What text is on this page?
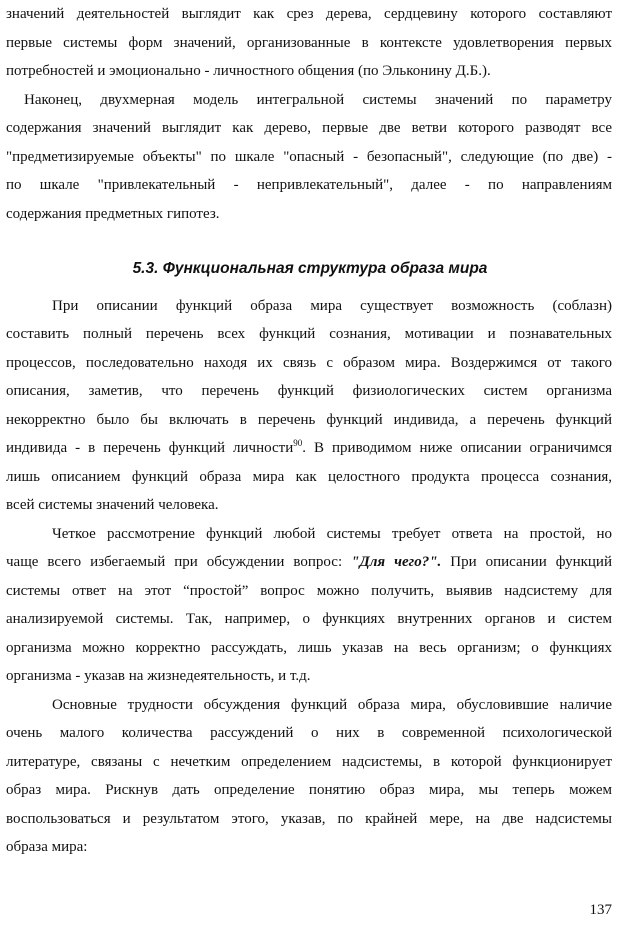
значений деятельностей выглядит как срез дерева, сердцевину которого составляют

первые системы форм значений, организованные в контексте удовлетворения первых

потребностей и эмоционально - личностного общения (по Эльконину Д.Б.).

Наконец, двухмерная модель интегральной системы значений по параметру

содержания значений выглядит как дерево, первые две ветви которого разводят все

"предметизируемые объекты" по шкале "опасный - безопасный", следующие (по две) -

по шкале "привлекательный - непривлекательный", далее - по направлениям

содержания предметных гипотез.

5.3. Функциональная структура образа мира

При описании функций образа мира существует возможность (соблазн)

составить полный перечень всех функций сознания, мотивации и познавательных

процессов, последовательно находя их связь с образом мира. Воздержимся от такого

описания, заметив, что перечень функций физиологических систем организма

некорректно было бы включать в перечень функций индивида, а перечень функций

индивида - в перечень функций личности$^{90}$. В приводимом ниже описании ограничимся

лишь описанием функций образа мира как целостного продукта процесса сознания,

всей системы значений человека.

Четкое рассмотрение функций любой системы требует ответа на простой, но

чаще всего избегаемый при обсуждении вопрос: "Для чего?". При описании функций

системы ответ на этот “простой” вопрос можно получить, выявив надсистему для

анализируемой системы. Так, например, о функциях внутренних органов и систем

организма можно корректно рассуждать, лишь указав на весь организм; о функциях

организма - указав на жизнедеятельность, и т.д.

Основные трудности обсуждения функций образа мира, обусловившие наличие

очень малого количества рассуждений о них в современной психологической

литературе, связаны с нечетким определением надсистемы, в которой функционирует

образ мира. Рискнув дать определение понятию образ мира, мы теперь можем

воспользоваться и результатом этого, указав, по крайней мере, на две надсистемы

образа мира:

137
